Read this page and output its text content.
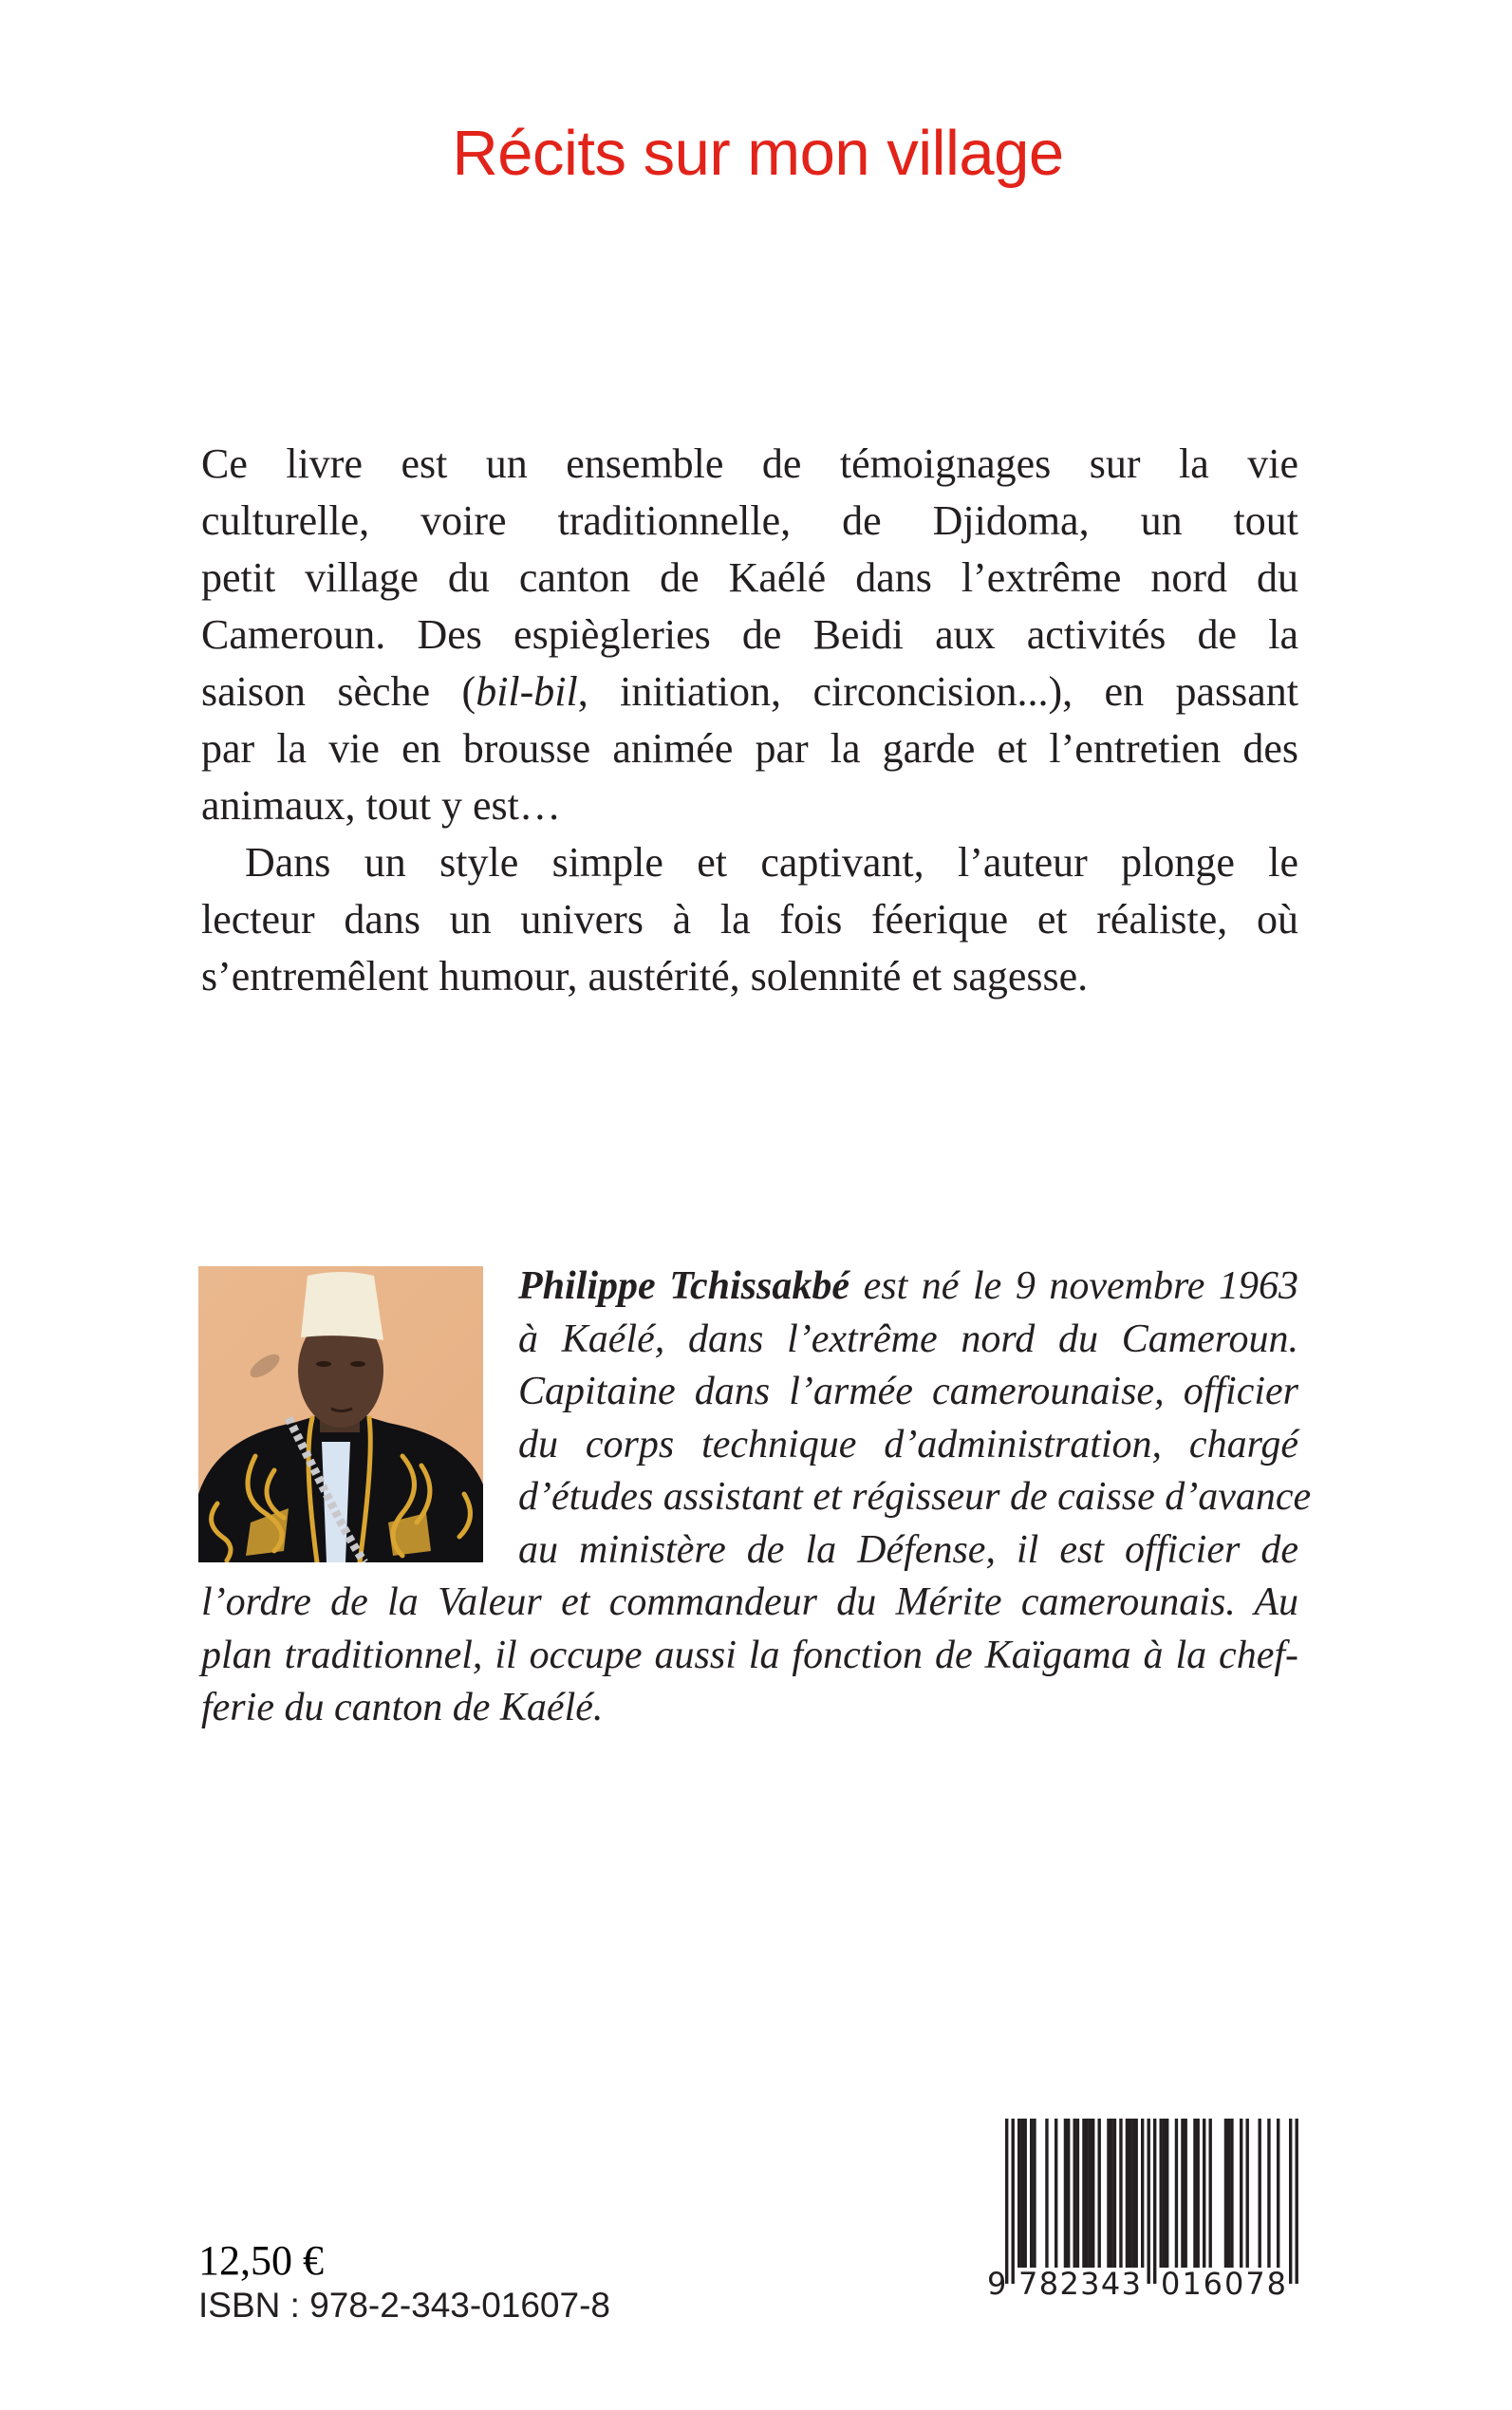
Récits sur mon village
Ce livre est un ensemble de témoignages sur la vie
culturelle, voire traditionnelle, de Djidoma, un tout
petit village du canton de Kaélé dans l’extrême nord du
Cameroun. Des espiègleries de Beidi aux activités de la
saison sèche (bil-bil, initiation, circoncision...), en passant
par la vie en brousse animée par la garde et l’entretien des
animaux, tout y est…
Dans un style simple et captivant, l’auteur plonge le
lecteur dans un univers à la fois féerique et réaliste, où
s’entremêlent humour, austérité, solennité et sagesse.
Philippe Tchissakbé est né le 9 novembre 1963
à Kaélé, dans l’extrême nord du Cameroun.
Capitaine dans l’armée camerounaise, officier
du corps technique d’administration, chargé
d’études assistant et régisseur de caisse d’avance
au ministère de la Défense, il est officier de
l’ordre de la Valeur et commandeur du Mérite camerounais. Au
plan traditionnel, il occupe aussi la fonction de Kaïgama à la chef-
ferie du canton de Kaélé.
12,50 €
ISBN : 978-2-343-01607-8
9 782343 016078
